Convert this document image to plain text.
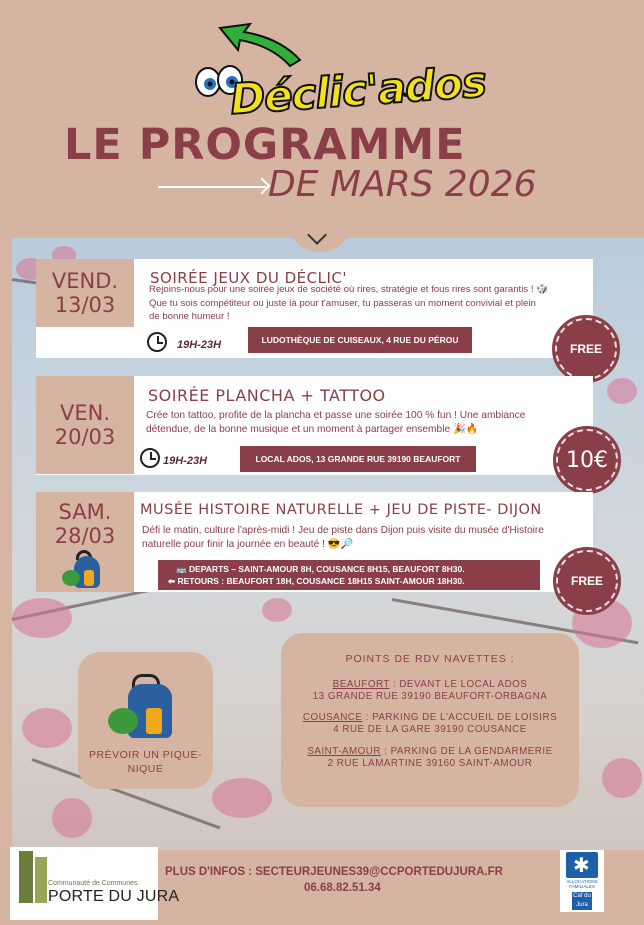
Déclic'ados
LE PROGRAMME
DE MARS 2026
VEND.
13/03
SOIRÉE JEUX DU DÉCLIC'
Rejoins-nous pour une soirée jeux de société où rires, stratégie et fous rires sont garantis ! 🎲 Que tu sois compétiteur ou juste là pour t'amuser, tu passeras un moment convivial et plein de bonne humeur !
19H-23H	LUDOTHÈQUE DE CUISEAUX, 4 RUE DU PÉROU
FREE
VEN.
20/03
SOIRÉE PLANCHA + TATTOO
Crée ton tattoo, profite de la plancha et passe une soirée 100 % fun ! Une ambiance détendue, de la bonne musique et un moment à partager ensemble 🎉🔥
19H-23H	LOCAL ADOS, 13 GRANDE RUE 39190 BEAUFORT	10€
SAM.
28/03
MUSÉE HISTOIRE NATURELLE + JEU DE PISTE- DIJON
Défi le matin, culture l'après-midi ! Jeu de piste dans Dijon puis visite du musée d'Histoire naturelle pour finir la journée en beauté ! 😎🔎
🚌 DEPARTS – SAINT-AMOUR 8H, COUSANCE 8H15, BEAUFORT 8H30.
⬅ RETOURS : BEAUFORT 18H, COUSANCE 18H15 SAINT-AMOUR 18H30.	FREE
PRÉVOIR UN PIQUE-NIQUE
POINTS DE RDV NAVETTES :
BEAUFORT : DEVANT LE LOCAL ADOS
13 GRANDE RUE 39190 BEAUFORT-ORBAGNA
COUSANCE : PARKING DE L'ACCUEIL DE LOISIRS
4 RUE DE LA GARE 39190 COUSANCE
SAINT-AMOUR : PARKING DE LA GENDARMERIE
2 RUE LAMARTINE 39160 SAINT-AMOUR
Communauté de Communes
PORTE DU JURA
PLUS D'INFOS : SECTEURJEUNES39@CCPORTEDUJURA.FR
06.68.82.51.34
✱
ALLOCATIONS FAMILIALES
Caf du Jura
